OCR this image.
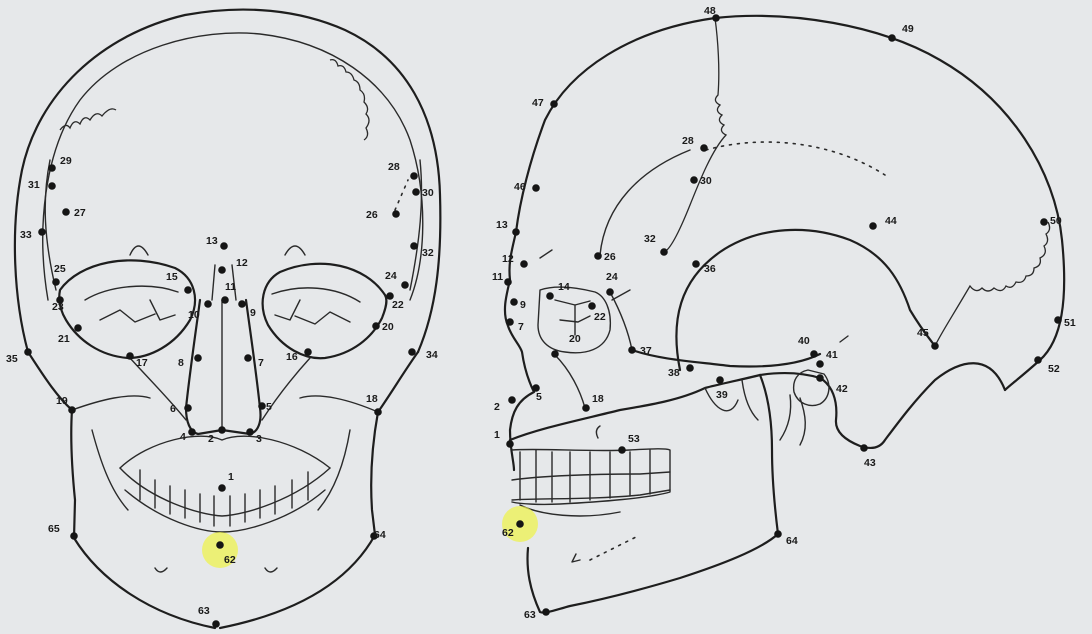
1
2	3
4
5
6
7
8
9
10
11
12
13
15
16
17
18
19
20
21
22
23
24
25
26
27
28
29
30
31
32
33
34
35
62
63
64
65
1
2
5
7
9
11
12
13
14
18
20
22
24
26
28
30
32
36
37
38
39
40
41
42
43
44
45
46
47
48
49
50
51
52
53
62
63
64
